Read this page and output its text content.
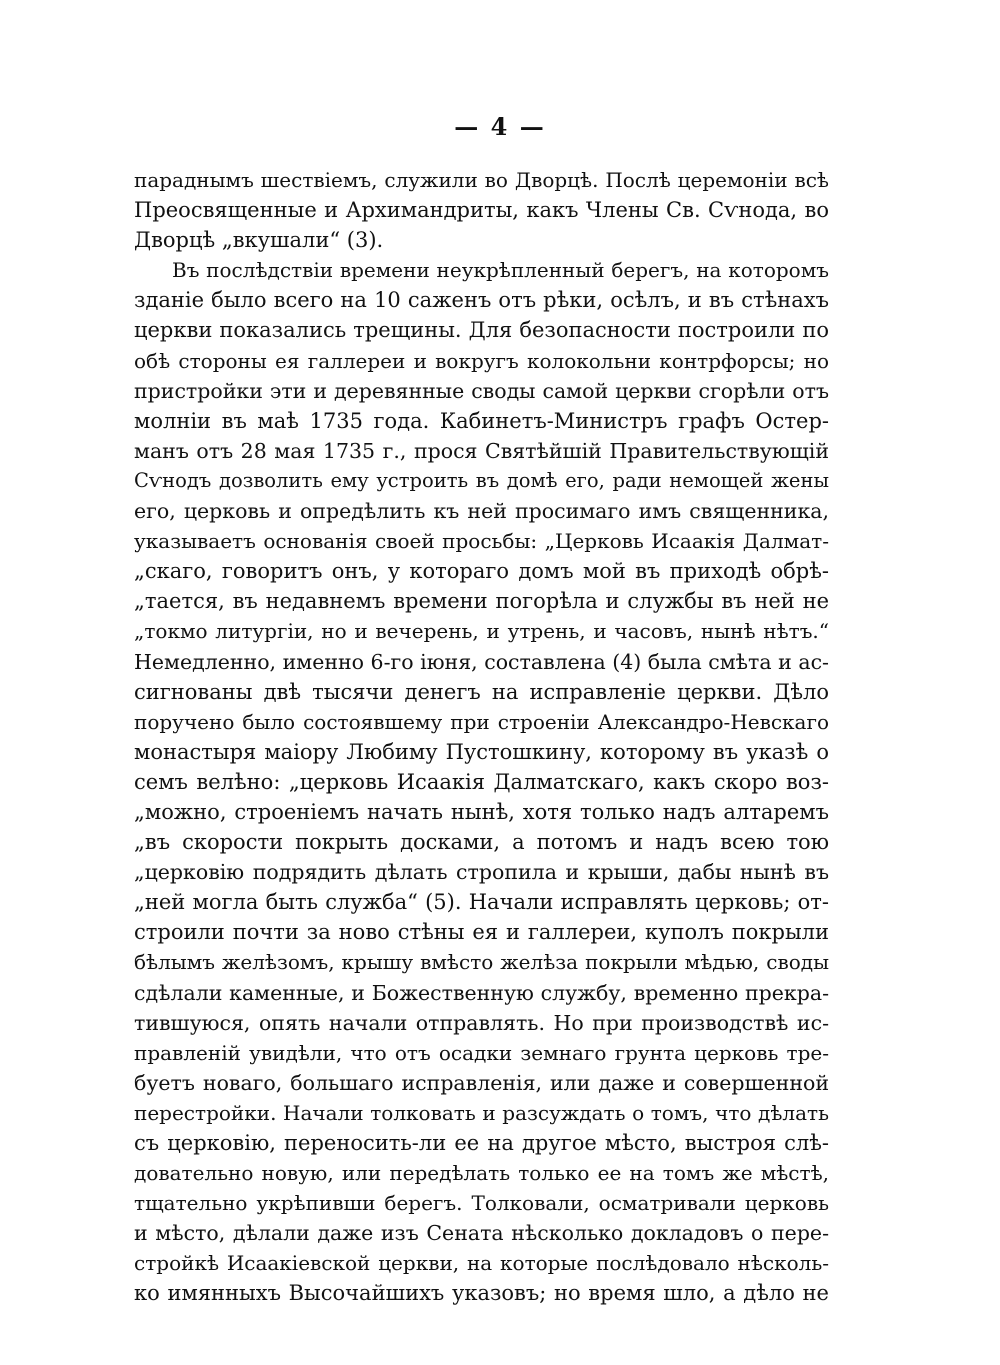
— 4 —
параднымъ шествіемъ, служили во Дворцѣ. Послѣ церемоніи всѣ
Преосвященные и Архимандриты, какъ Члены Св. Сѵнода, во
Дворцѣ „вкушали“ (3).
Въ послѣдствіи времени неукрѣпленный берегъ, на которомъ
зданіе было всего на 10 саженъ отъ рѣки, осѣлъ, и въ стѣнахъ
церкви показались трещины. Для безопасности построили по
обѣ стороны ея галлереи и вокругъ колокольни контрфорсы; но
пристройки эти и деревянные своды самой церкви сгорѣли отъ
молніи въ маѣ 1735 года. Кабинетъ-Министръ графъ Остер-
манъ отъ 28 мая 1735 г., прося Святѣйшій Правительствующій
Сѵнодъ дозволить ему устроить въ домѣ его, ради немощей жены
его, церковь и опредѣлить къ ней просимаго имъ священника,
указываетъ основанія своей просьбы: „Церковь Исаакія Далмат-
„скаго, говоритъ онъ, у котораго домъ мой въ приходѣ обрѣ-
„тается, въ недавнемъ времени погорѣла и службы въ ней не
„токмо литургіи, но и вечерень, и утрень, и часовъ, нынѣ нѣтъ.“
Немедленно, именно 6-го іюня, составлена (4) была смѣта и ас-
сигнованы двѣ тысячи денегъ на исправленіе церкви. Дѣло
поручено было состоявшему при строеніи Александро-Невскаго
монастыря маіору Любиму Пустошкину, которому въ указѣ о
семъ велѣно: „церковь Исаакія Далматскаго, какъ скоро воз-
„можно, строеніемъ начать нынѣ, хотя только надъ алтаремъ
„въ скорости покрыть досками, а потомъ и надъ всею тою
„церковію подрядить дѣлать стропила и крыши, дабы нынѣ въ
„ней могла быть служба“ (5). Начали исправлять церковь; от-
строили почти за ново стѣны ея и галлереи, куполъ покрыли
бѣлымъ желѣзомъ, крышу вмѣсто желѣза покрыли мѣдью, своды
сдѣлали каменные, и Божественную службу, временно прекра-
тившуюся, опять начали отправлять. Но при производствѣ ис-
правленій увидѣли, что отъ осадки земнаго грунта церковь тре-
буетъ новаго, большаго исправленія, или даже и совершенной
перестройки. Начали толковать и разсуждать о томъ, что дѣлать
съ церковію, переносить-ли ее на другое мѣсто, выстроя слѣ-
довательно новую, или передѣлать только ее на томъ же мѣстѣ,
тщательно укрѣпивши берегъ. Толковали, осматривали церковь
и мѣсто, дѣлали даже изъ Сената нѣсколько докладовъ о пере-
стройкѣ Исаакіевской церкви, на которые послѣдовало нѣсколь-
ко имянныхъ Высочайшихъ указовъ; но время шло, а дѣло не
